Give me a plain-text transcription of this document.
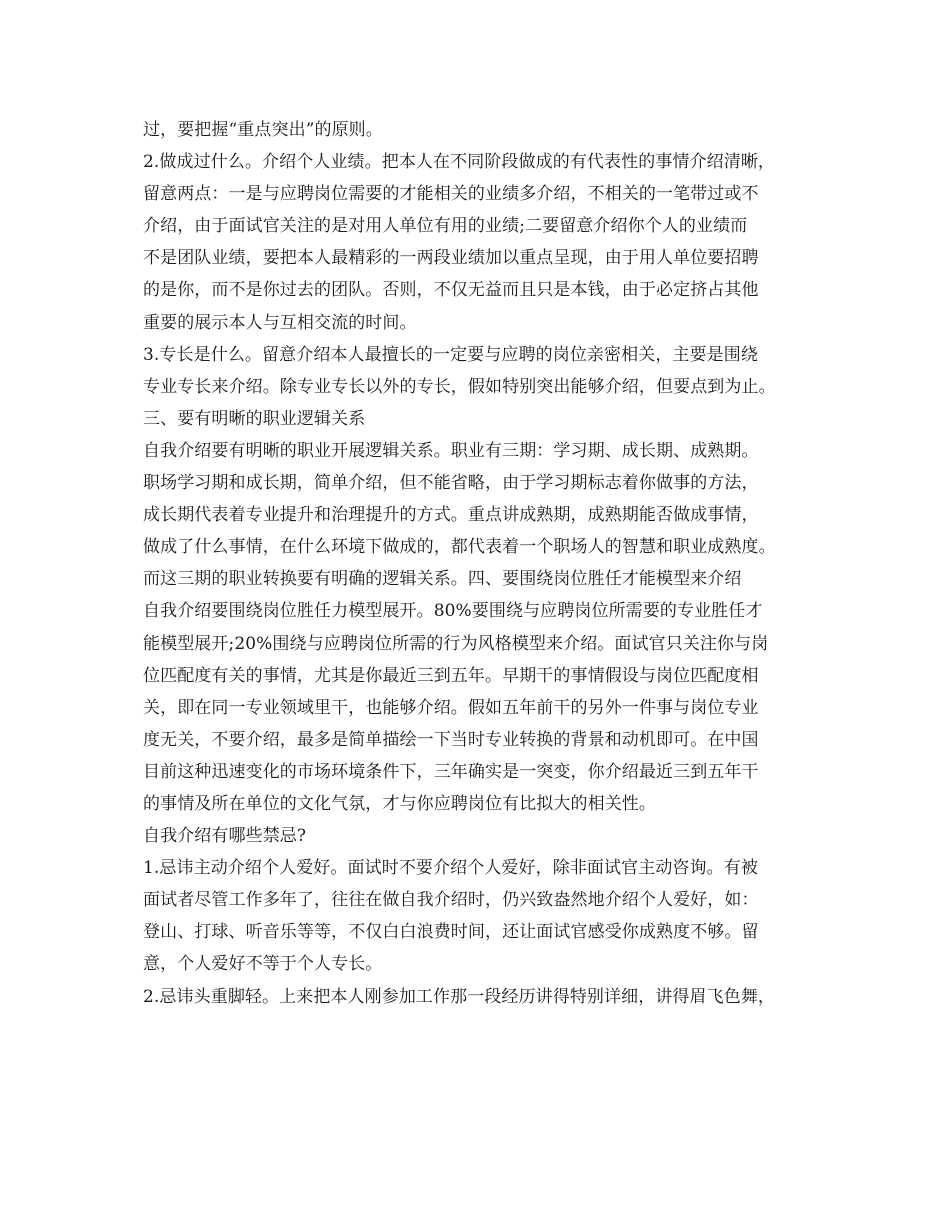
过，要把握“重点突出”的原则。
2.做成过什么。介绍个人业绩。把本人在不同阶段做成的有代表性的事情介绍清晰，
留意两点：一是与应聘岗位需要的才能相关的业绩多介绍，不相关的一笔带过或不
介绍，由于面试官关注的是对用人单位有用的业绩;二要留意介绍你个人的业绩而
不是团队业绩，要把本人最精彩的一两段业绩加以重点呈现，由于用人单位要招聘
的是你，而不是你过去的团队。否则，不仅无益而且只是本钱，由于必定挤占其他
重要的展示本人与互相交流的时间。
3.专长是什么。留意介绍本人最擅长的一定要与应聘的岗位亲密相关，主要是围绕
专业专长来介绍。除专业专长以外的专长，假如特别突出能够介绍，但要点到为止。
三、要有明晰的职业逻辑关系
自我介绍要有明晰的职业开展逻辑关系。职业有三期：学习期、成长期、成熟期。
职场学习期和成长期，简单介绍，但不能省略，由于学习期标志着你做事的方法，
成长期代表着专业提升和治理提升的方式。重点讲成熟期，成熟期能否做成事情，
做成了什么事情，在什么环境下做成的，都代表着一个职场人的智慧和职业成熟度。
而这三期的职业转换要有明确的逻辑关系。四、要围绕岗位胜任才能模型来介绍
自我介绍要围绕岗位胜任力模型展开。80%要围绕与应聘岗位所需要的专业胜任才
能模型展开;20%围绕与应聘岗位所需的行为风格模型来介绍。面试官只关注你与岗
位匹配度有关的事情，尤其是你最近三到五年。早期干的事情假设与岗位匹配度相
关，即在同一专业领域里干，也能够介绍。假如五年前干的另外一件事与岗位专业
度无关，不要介绍，最多是简单描绘一下当时专业转换的背景和动机即可。在中国
目前这种迅速变化的市场环境条件下，三年确实是一突变，你介绍最近三到五年干
的事情及所在单位的文化气氛，才与你应聘岗位有比拟大的相关性。
自我介绍有哪些禁忌?
1.忌讳主动介绍个人爱好。面试时不要介绍个人爱好，除非面试官主动咨询。有被
面试者尽管工作多年了，往往在做自我介绍时，仍兴致盎然地介绍个人爱好，如：
登山、打球、听音乐等等，不仅白白浪费时间，还让面试官感受你成熟度不够。留
意，个人爱好不等于个人专长。
2.忌讳头重脚轻。上来把本人刚参加工作那一段经历讲得特别详细，讲得眉飞色舞，
